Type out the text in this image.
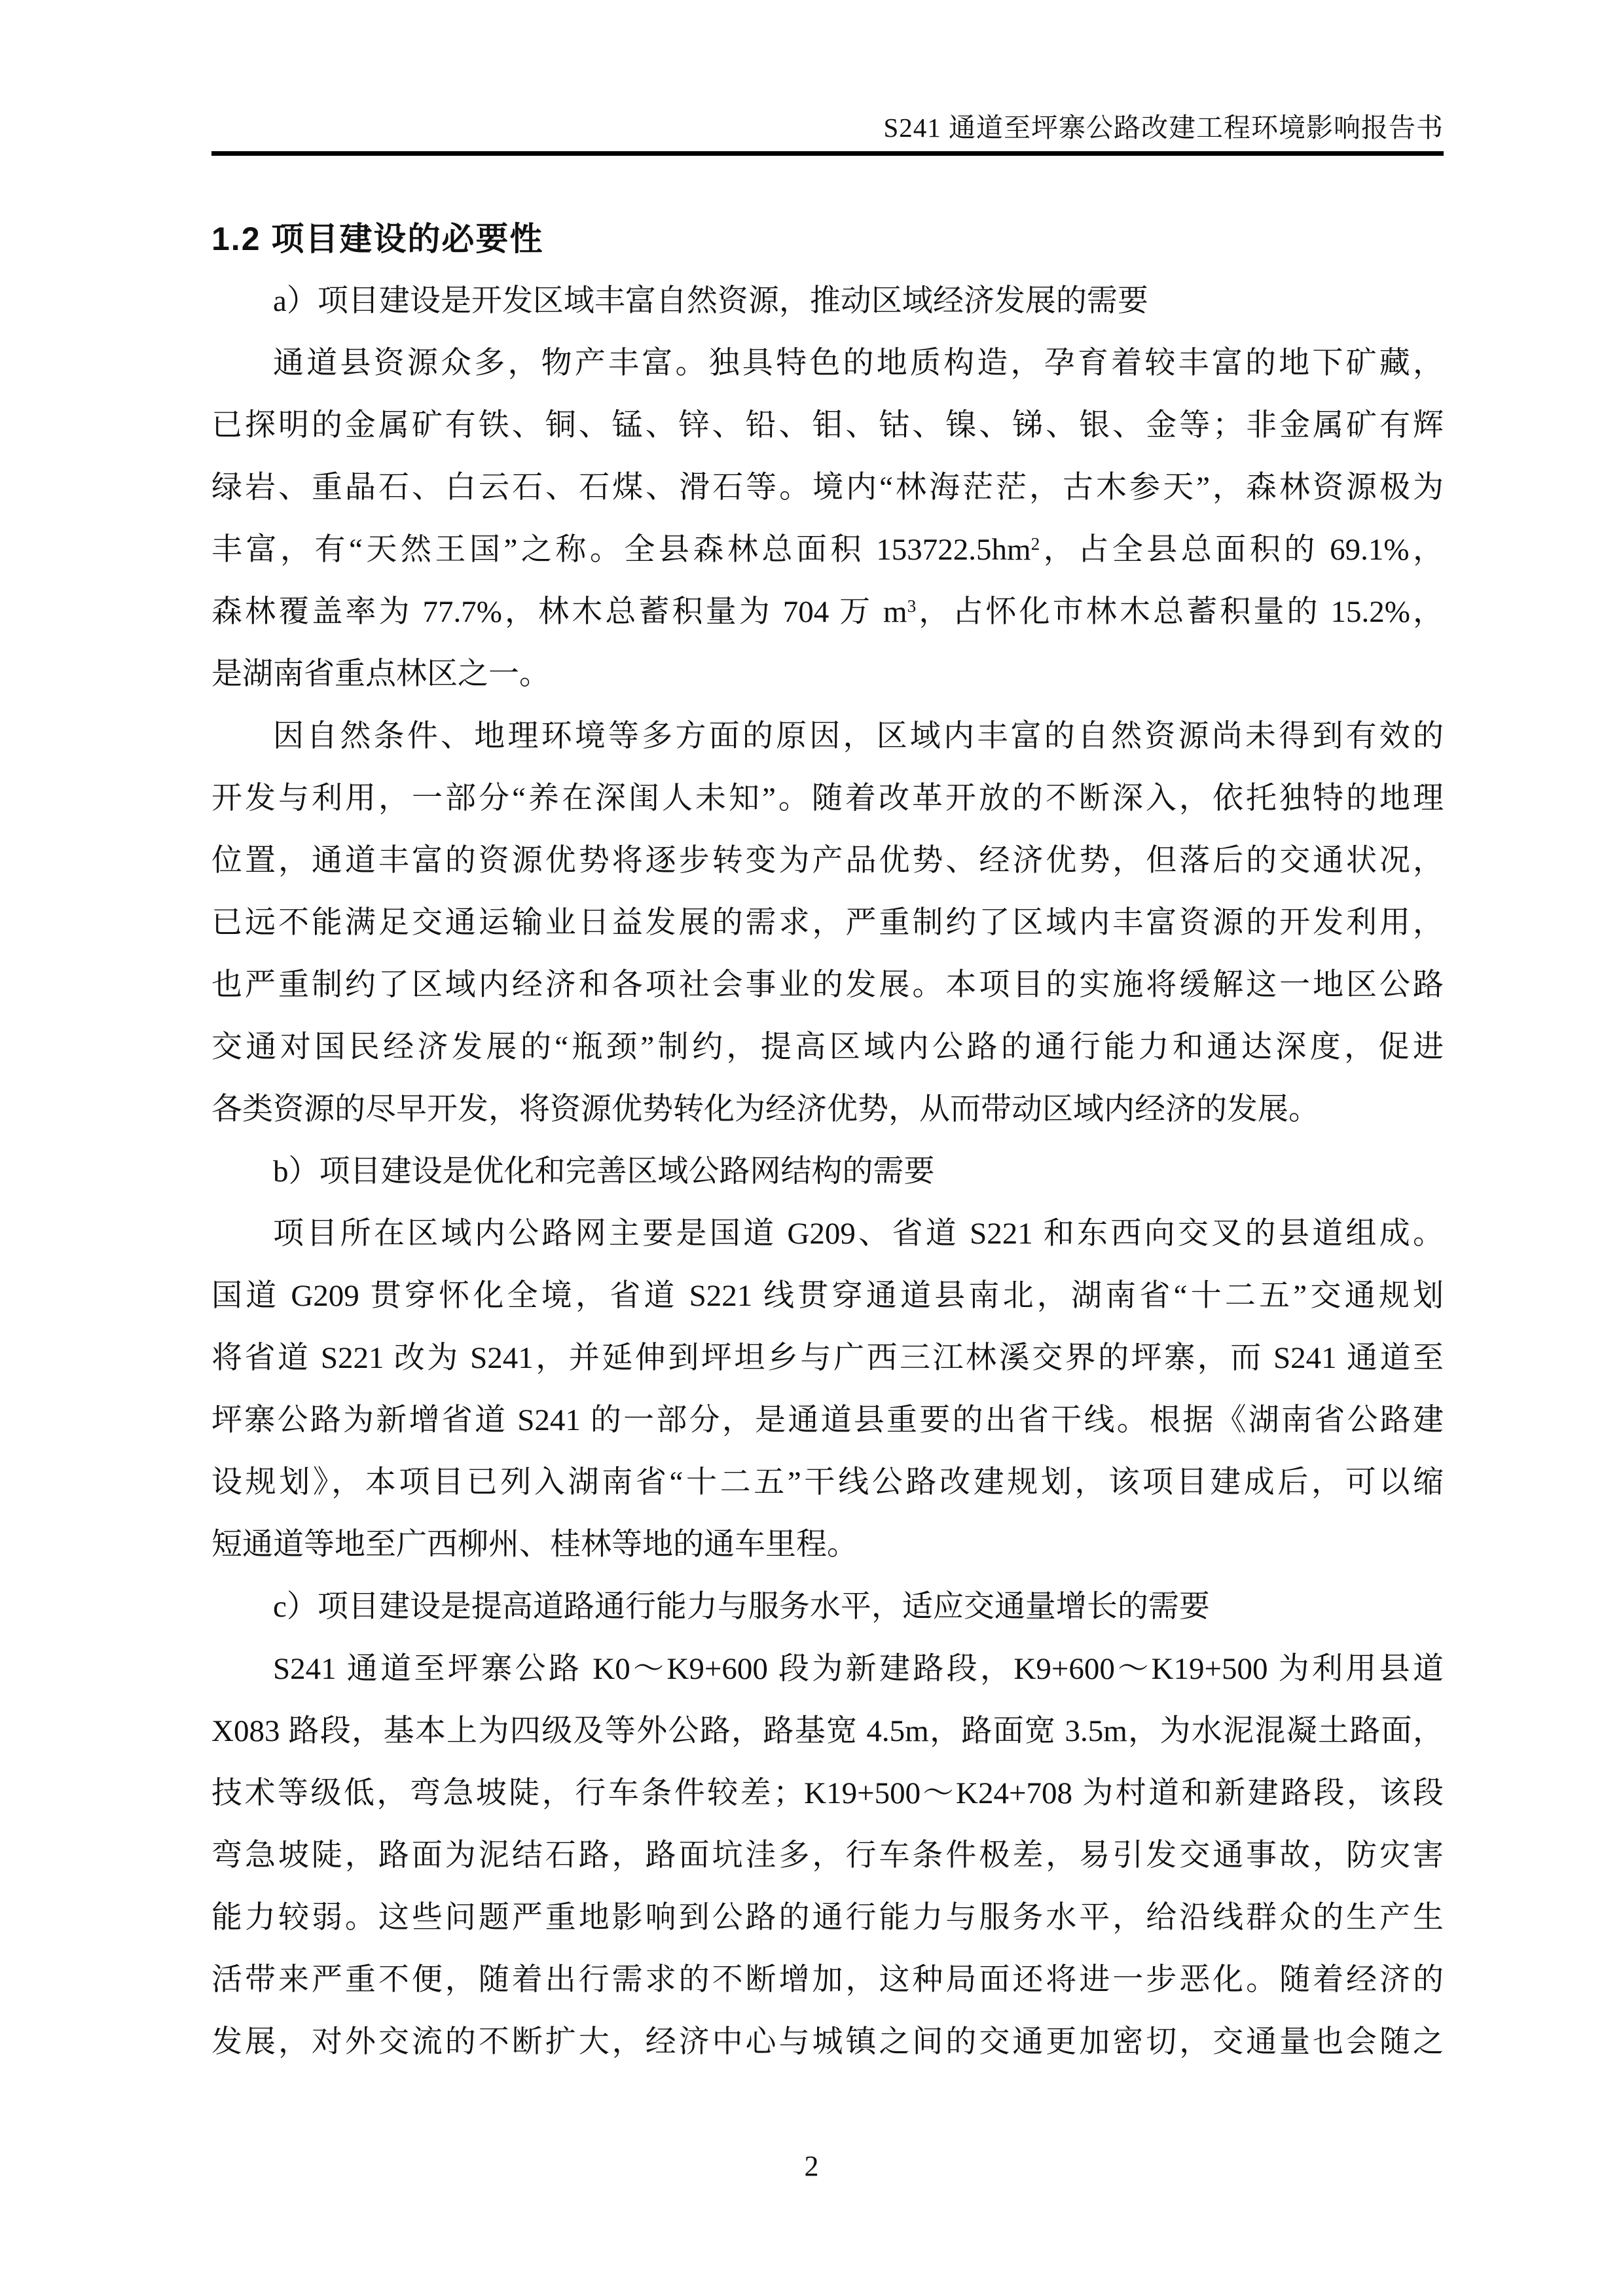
S241 通道至坪寨公路改建工程环境影响报告书
1.2 项目建设的必要性
a）项目建设是开发区域丰富自然资源，推动区域经济发展的需要
通道县资源众多，物产丰富。独具特色的地质构造，孕育着较丰富的地下矿藏，
已探明的金属矿有铁、铜、锰、锌、铅、钼、钴、镍、锑、银、金等；非金属矿有辉
绿岩、重晶石、白云石、石煤、滑石等。境内“林海茫茫，古木参天”，森林资源极为
丰富，有“天然王国”之称。全县森林总面积 $153722.5hm^2$，占全县总面积的 69.1%，
森林覆盖率为 77.7%，林木总蓄积量为 704 万 $m^3$，占怀化市林木总蓄积量的 15.2%，
是湖南省重点林区之一。
因自然条件、地理环境等多方面的原因，区域内丰富的自然资源尚未得到有效的
开发与利用，一部分“养在深闺人未知”。随着改革开放的不断深入，依托独特的地理
位置，通道丰富的资源优势将逐步转变为产品优势、经济优势，但落后的交通状况，
已远不能满足交通运输业日益发展的需求，严重制约了区域内丰富资源的开发利用，
也严重制约了区域内经济和各项社会事业的发展。本项目的实施将缓解这一地区公路
交通对国民经济发展的“瓶颈”制约，提高区域内公路的通行能力和通达深度，促进
各类资源的尽早开发，将资源优势转化为经济优势，从而带动区域内经济的发展。
b）项目建设是优化和完善区域公路网结构的需要
项目所在区域内公路网主要是国道 G209、省道 S221 和东西向交叉的县道组成。
国道 G209 贯穿怀化全境，省道 S221 线贯穿通道县南北，湖南省“十二五”交通规划
将省道 S221 改为 S241，并延伸到坪坦乡与广西三江林溪交界的坪寨，而 S241 通道至
坪寨公路为新增省道 S241 的一部分，是通道县重要的出省干线。根据《湖南省公路建
设规划》，本项目已列入湖南省“十二五”干线公路改建规划，该项目建成后，可以缩
短通道等地至广西柳州、桂林等地的通车里程。
c）项目建设是提高道路通行能力与服务水平，适应交通量增长的需要
S241 通道至坪寨公路 K0～K9+600 段为新建路段，K9+600～K19+500 为利用县道
X083 路段，基本上为四级及等外公路，路基宽 4.5m，路面宽 3.5m，为水泥混凝土路面，
技术等级低，弯急坡陡，行车条件较差；K19+500～K24+708 为村道和新建路段，该段
弯急坡陡，路面为泥结石路，路面坑洼多，行车条件极差，易引发交通事故，防灾害
能力较弱。这些问题严重地影响到公路的通行能力与服务水平，给沿线群众的生产生
活带来严重不便，随着出行需求的不断增加，这种局面还将进一步恶化。随着经济的
发展，对外交流的不断扩大，经济中心与城镇之间的交通更加密切，交通量也会随之
2
